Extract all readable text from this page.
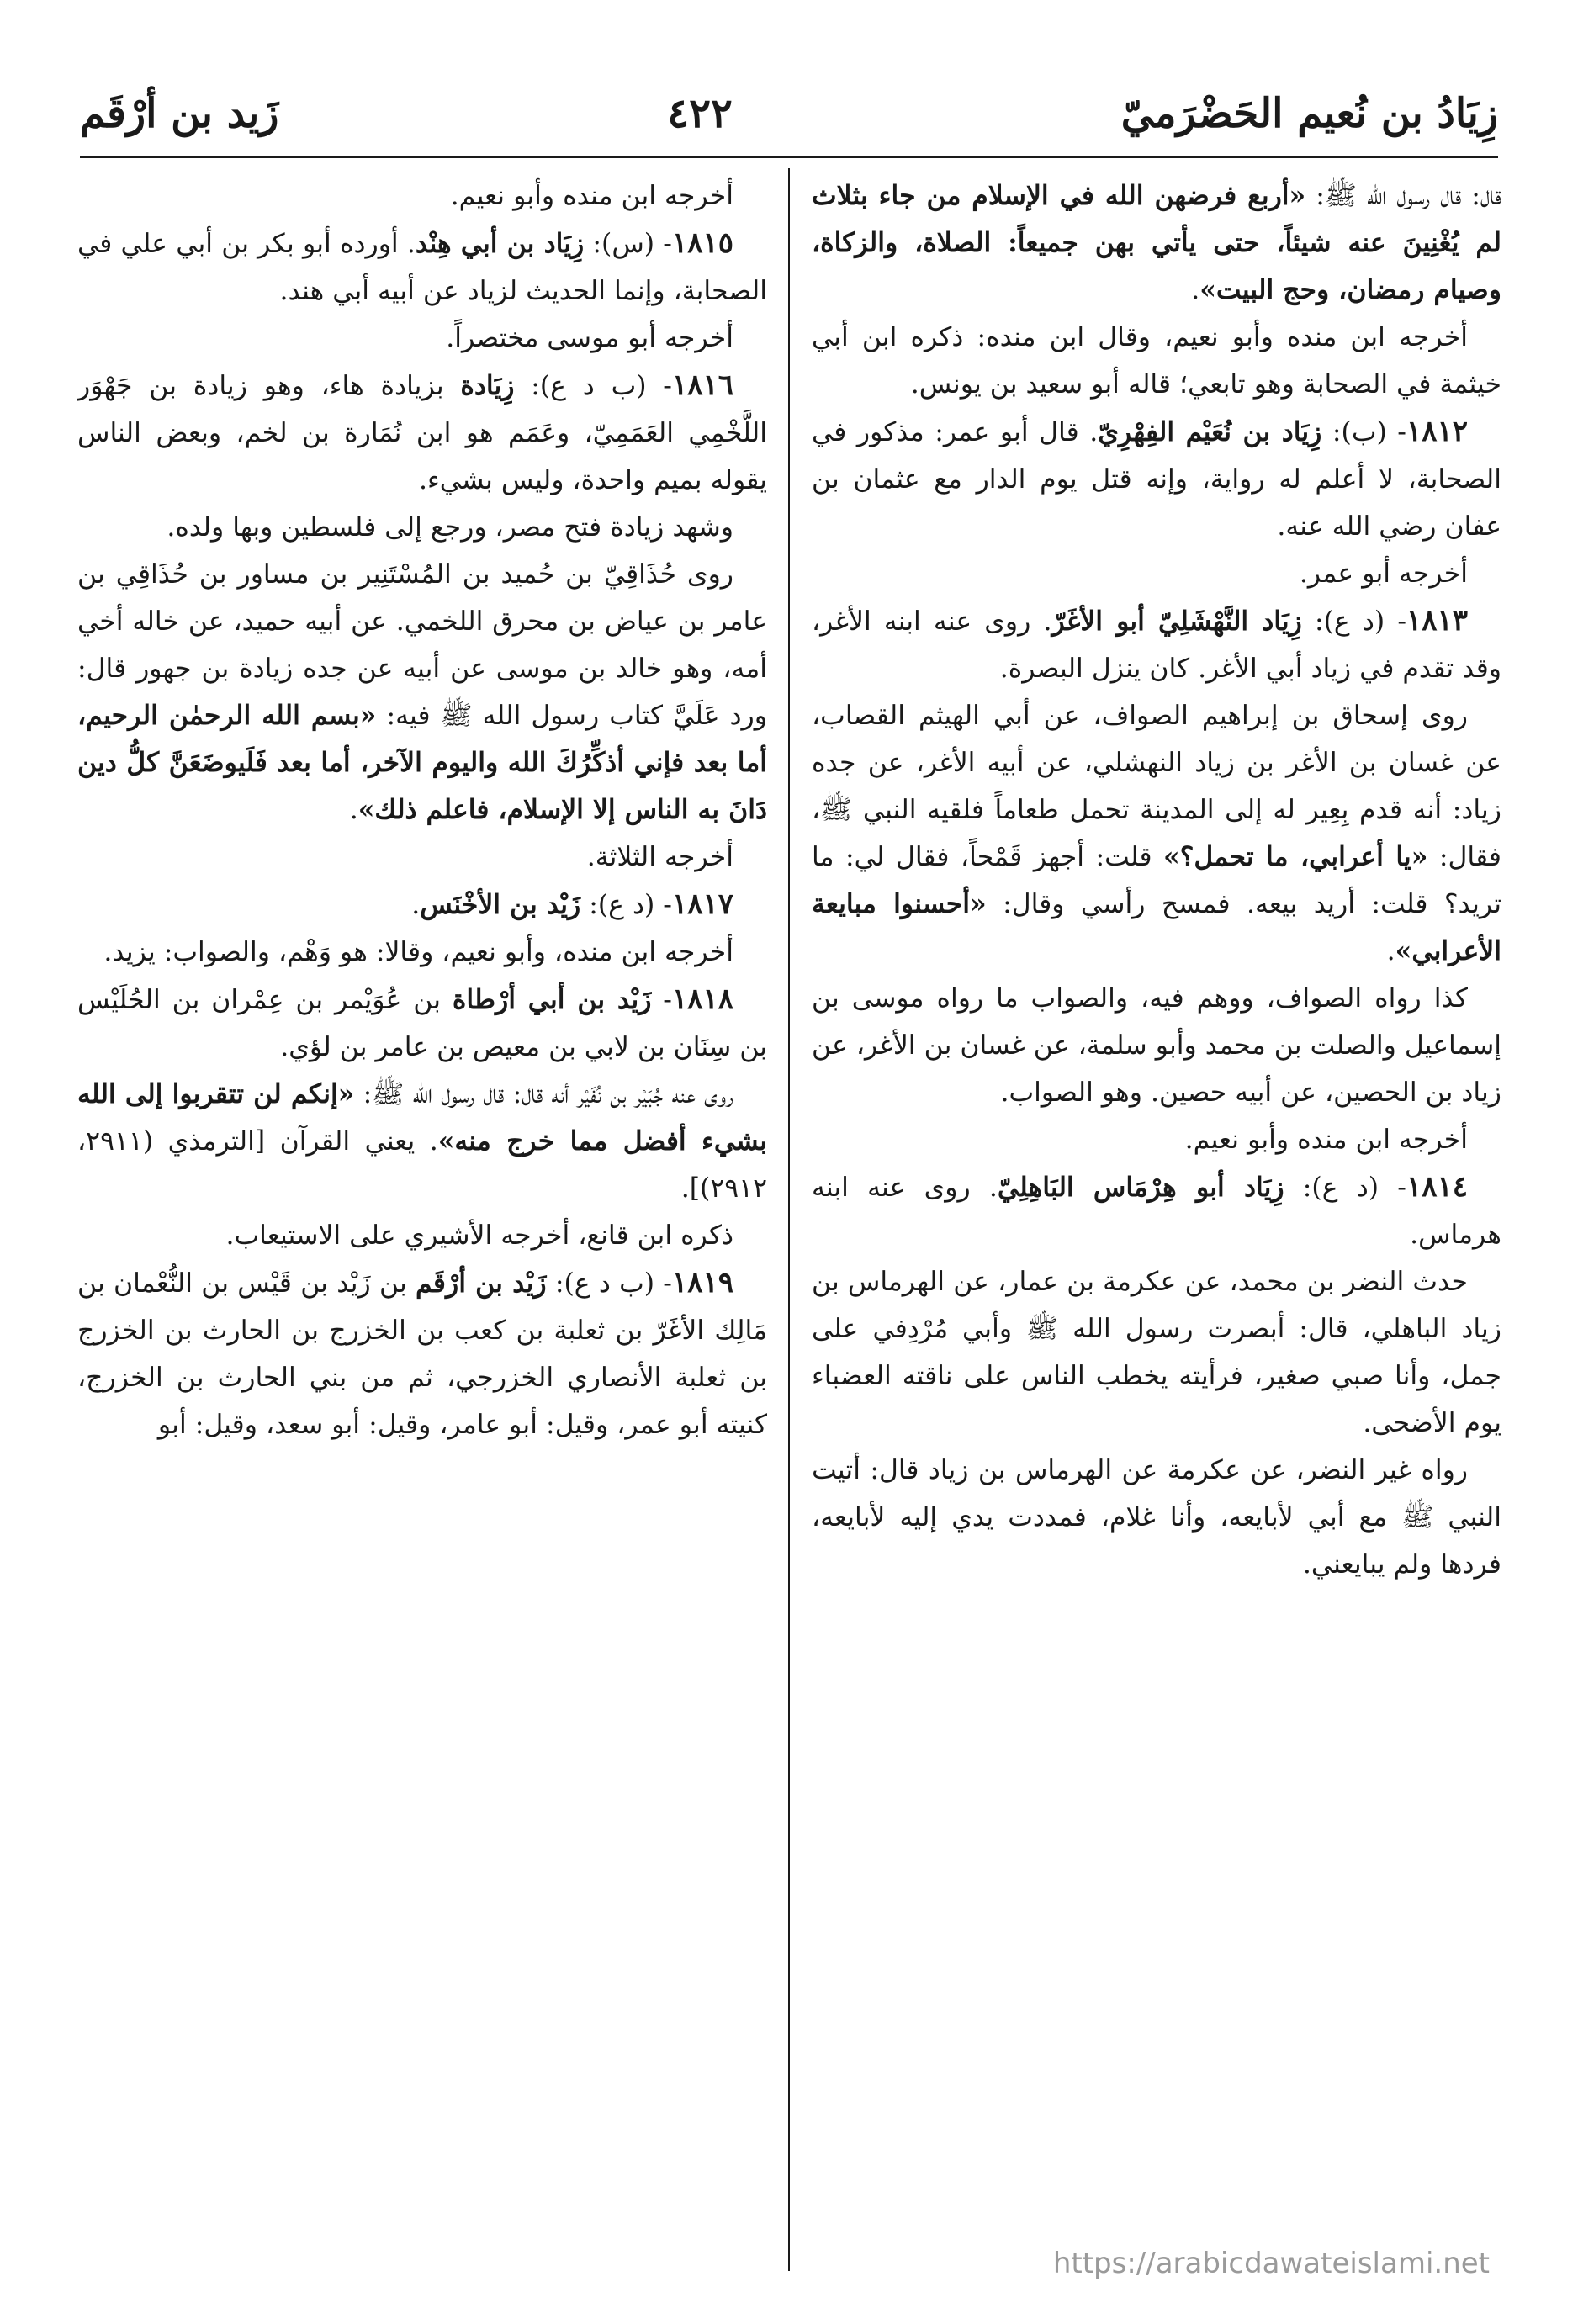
زِيَادُ بن نُعيم الحَضْرَميّ
٤٢٢
زَيد بن أرْقَم

قال: قال رسول الله ﷺ: «أربع فرضهن الله في الإسلام من جاء بثلاث لم يُغْنِينَ عنه شيئاً، حتى يأتي بهن جميعاً: الصلاة، والزكاة، وصيام رمضان، وحج البيت».

أخرجه ابن منده وأبو نعيم، وقال ابن منده: ذكره ابن أبي خيثمة في الصحابة وهو تابعي؛ قاله أبو سعيد بن يونس.

١٨١٢- (ب): زِيَاد بن نُعَيْم الفِهْرِيّ. قال أبو عمر: مذكور في الصحابة، لا أعلم له رواية، وإنه قتل يوم الدار مع عثمان بن عفان رضي الله عنه.

أخرجه أبو عمر.

١٨١٣- (د ع): زِيَاد النَّهْشَلِيّ أبو الأغَرّ. روى عنه ابنه الأغر، وقد تقدم في زياد أبي الأغر. كان ينزل البصرة.

روى إسحاق بن إبراهيم الصواف، عن أبي الهيثم القصاب، عن غسان بن الأغر بن زياد النهشلي، عن أبيه الأغر، عن جده زياد: أنه قدم بِعِير له إلى المدينة تحمل طعاماً فلقيه النبي ﷺ، فقال: «يا أعرابي، ما تحمل؟» قلت: أجهز قَمْحاً، فقال لي: ما تريد؟ قلت: أريد بيعه. فمسح رأسي وقال: «أحسنوا مبايعة الأعرابي».

كذا رواه الصواف، ووهم فيه، والصواب ما رواه موسى بن إسماعيل والصلت بن محمد وأبو سلمة، عن غسان بن الأغر، عن زياد بن الحصين، عن أبيه حصين. وهو الصواب.

أخرجه ابن منده وأبو نعيم.

١٨١٤- (د ع): زِيَاد أبو هِرْمَاس البَاهِلِيّ. روى عنه ابنه هرماس.

حدث النضر بن محمد، عن عكرمة بن عمار، عن الهرماس بن زياد الباهلي، قال: أبصرت رسول الله ﷺ وأبي مُرْدِفي على جمل، وأنا صبي صغير، فرأيته يخطب الناس على ناقته العضباء يوم الأضحى.

رواه غير النضر، عن عكرمة عن الهرماس بن زياد قال: أتيت النبي ﷺ مع أبي لأبايعه، وأنا غلام، فمددت يدي إليه لأبايعه، فردها ولم يبايعني.

أخرجه ابن منده وأبو نعيم.

١٨١٥- (س): زِيَاد بن أبي هِنْد. أورده أبو بكر بن أبي علي في الصحابة، وإنما الحديث لزياد عن أبيه أبي هند.

أخرجه أبو موسى مختصراً.

١٨١٦- (ب د ع): زِيَادة بزيادة هاء، وهو زيادة بن جَهْوَر اللَّخْمِي العَمَمِيّ، وعَمَم هو ابن نُمَارة بن لخم، وبعض الناس يقوله بميم واحدة، وليس بشيء.

وشهد زيادة فتح مصر، ورجع إلى فلسطين وبها ولده.

روى حُذَاقِيّ بن حُميد بن المُسْتَنِير بن مساور بن حُذَاقِي بن عامر بن عياض بن محرق اللخمي. عن أبيه حميد، عن خاله أخي أمه، وهو خالد بن موسى عن أبيه عن جده زيادة بن جهور قال: ورد عَلَيَّ كتاب رسول الله ﷺ فيه: «بسم الله الرحمٰن الرحيم، أما بعد فإني أذكِّرُكَ الله واليوم الآخر، أما بعد فَلَيوضَعَنَّ كلُّ دين دَانَ به الناس إلا الإسلام، فاعلم ذلك».

أخرجه الثلاثة.

١٨١٧- (د ع): زَيْد بن الأخْنَس.

أخرجه ابن منده، وأبو نعيم، وقالا: هو وَهْم، والصواب: يزيد.

١٨١٨- زَيْد بن أبي أرْطاة بن عُوَيْمر بن عِمْران بن الحُلَيْس بن سِنَان بن لابي بن معيص بن عامر بن لؤي.

روى عنه جُبَيْر بن نُفَيْر أنه قال: قال رسول الله ﷺ: «إنكم لن تتقربوا إلى الله بشيء أفضل مما خرج منه». يعني القرآن [الترمذي (٢٩١١، ٢٩١٢)].

ذكره ابن قانع، أخرجه الأشيري على الاستيعاب.

١٨١٩- (ب د ع): زَيْد بن أرْقَم بن زَيْد بن قَيْس بن النُّعْمان بن مَالِك الأغَرّ بن ثعلبة بن كعب بن الخزرج بن الحارث بن الخزرج بن ثعلبة الأنصاري الخزرجي، ثم من بني الحارث بن الخزرج، كنيته أبو عمر، وقيل: أبو عامر، وقيل: أبو سعد، وقيل: أبو

https://arabicdawateislami.net
